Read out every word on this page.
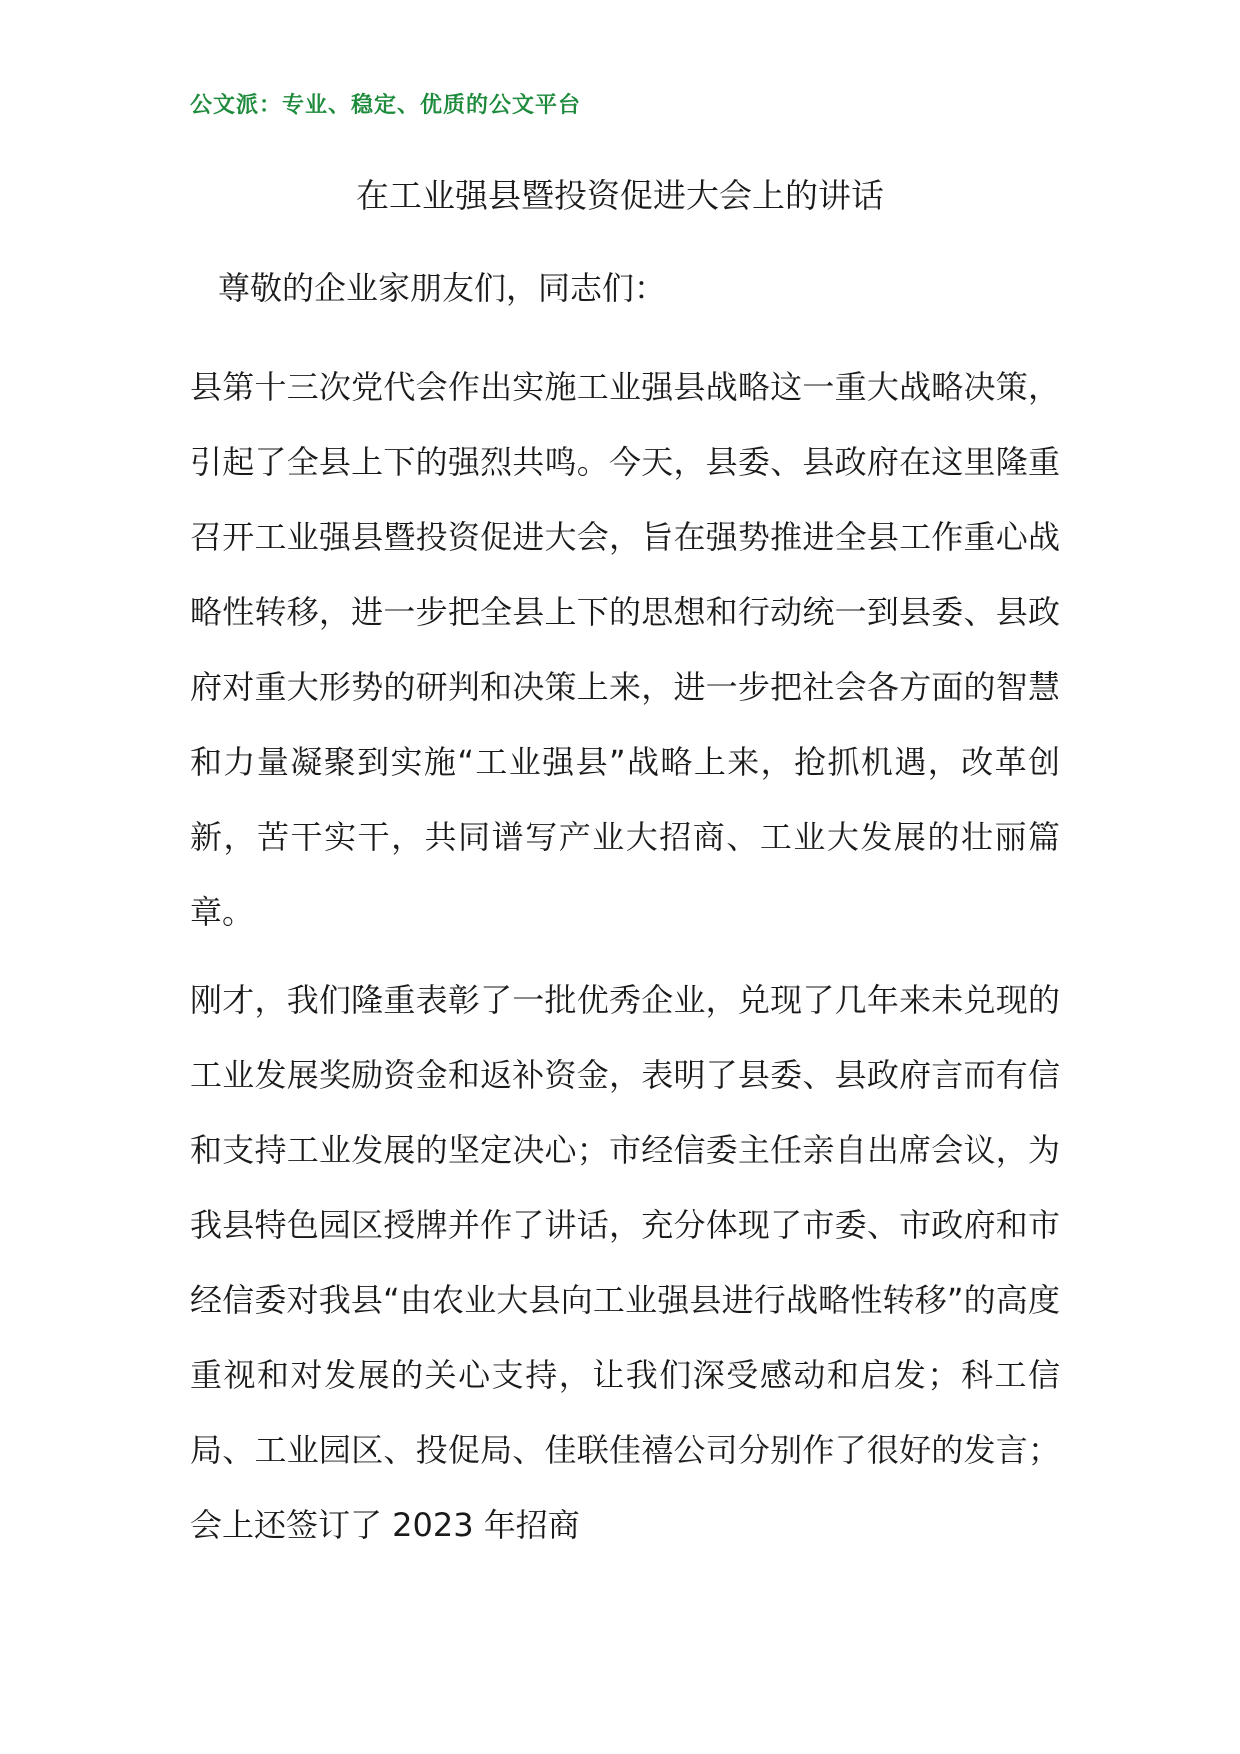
公文派：专业、稳定、优质的公文平台
在工业强县暨投资促进大会上的讲话
尊敬的企业家朋友们，同志们：
县第十三次党代会作出实施工业强县战略这一重大战略决策，引起了全县上下的强烈共鸣。今天，县委、县政府在这里隆重召开工业强县暨投资促进大会，旨在强势推进全县工作重心战略性转移，进一步把全县上下的思想和行动统一到县委、县政府对重大形势的研判和决策上来，进一步把社会各方面的智慧和力量凝聚到实施“工业强县”战略上来，抢抓机遇，改革创新，苦干实干，共同谱写产业大招商、工业大发展的壮丽篇章。
刚才，我们隆重表彰了一批优秀企业，兑现了几年来未兑现的工业发展奖励资金和返补资金，表明了县委、县政府言而有信和支持工业发展的坚定决心；市经信委主任亲自出席会议，为我县特色园区授牌并作了讲话，充分体现了市委、市政府和市经信委对我县“由农业大县向工业强县进行战略性转移”的高度重视和对发展的关心支持，让我们深受感动和启发；科工信局、工业园区、投促局、佳联佳禧公司分别作了很好的发言；会上还签订了 2023 年招商
